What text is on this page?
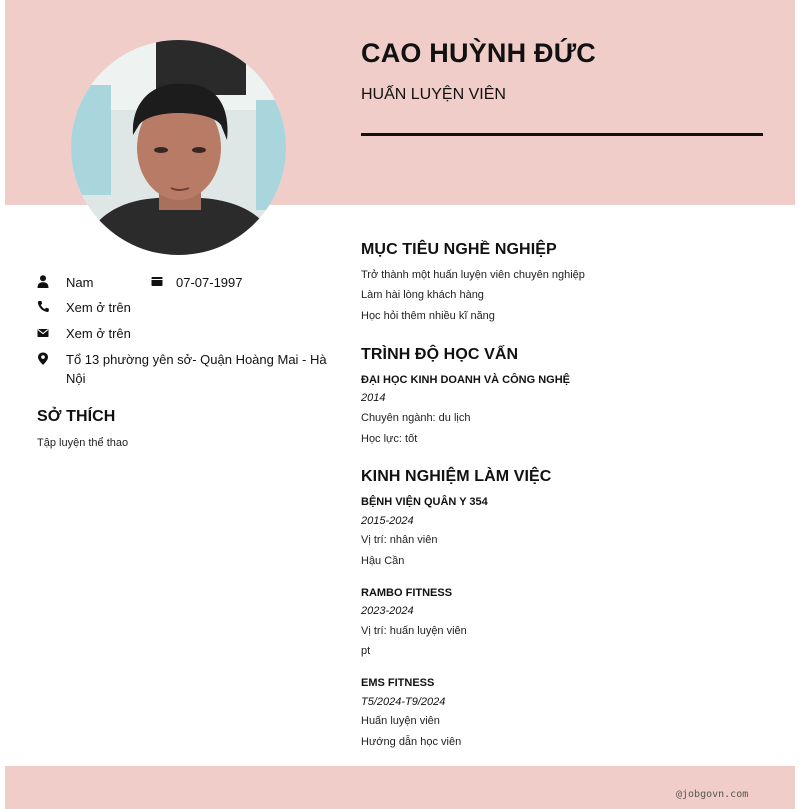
CAO HUỲNH ĐỨC
HUẤN LUYỆN VIÊN
Nam	07-07-1997
Xem ở trên
Xem ở trên
Tổ 13 phường yên sở- Quận Hoàng Mai - Hà Nội
SỞ THÍCH
Tập luyện thể thao
MỤC TIÊU NGHỀ NGHIỆP
Trở thành một huấn luyện viên chuyên nghiệp
Làm hài lòng khách hàng
Học hỏi thêm nhiều kĩ năng
TRÌNH ĐỘ HỌC VẤN
ĐẠI HỌC KINH DOANH VÀ CÔNG NGHỆ
2014
Chuyên ngành: du lịch
Học lực: tốt
KINH NGHIỆM LÀM VIỆC
BỆNH VIỆN QUÂN Y 354
2015-2024
Vị trí: nhân viên
Hậu Cần
RAMBO FITNESS
2023-2024
Vị trí: huấn luyện viên
pt
EMS FITNESS
T5/2024-T9/2024
Huấn luyện viên
Hướng dẫn học viên
@jobgovn.com
